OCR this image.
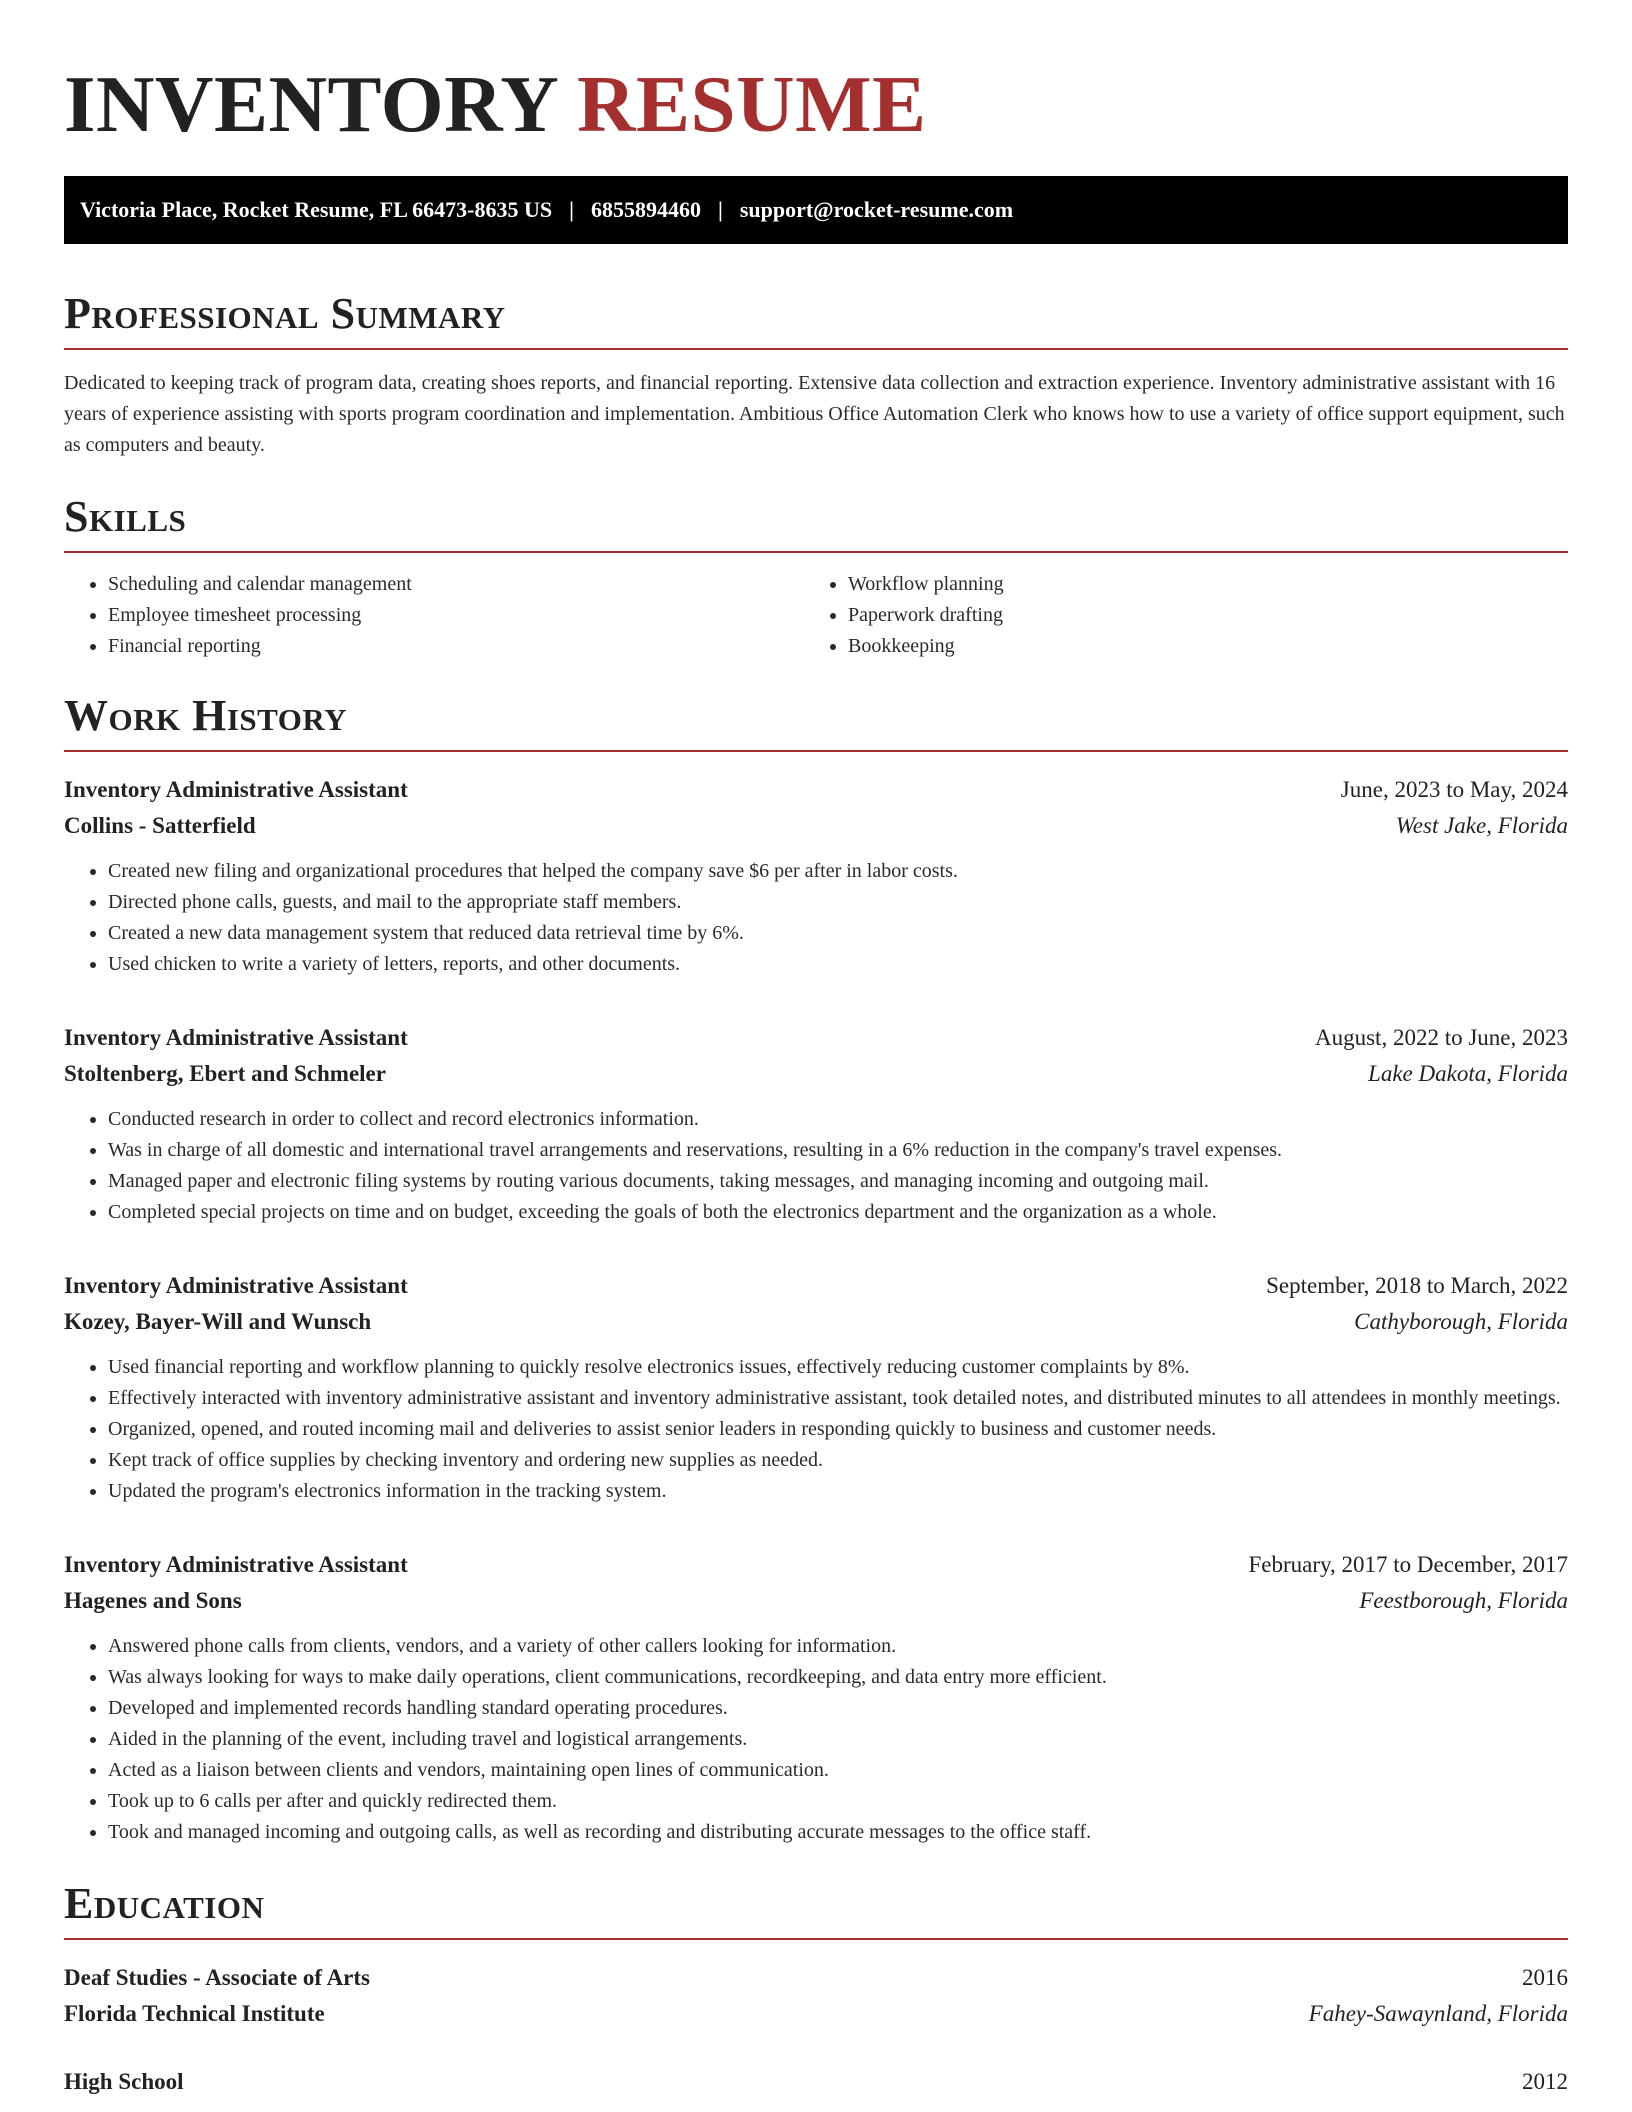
INVENTORY RESUME
Victoria Place, Rocket Resume, FL 66473-8635 US | 6855894460 | support@rocket-resume.com
Professional Summary

Dedicated to keeping track of program data, creating shoes reports, and financial reporting. Extensive data collection and extraction experience. Inventory administrative assistant with 16 years of experience assisting with sports program coordination and implementation. Ambitious Office Automation Clerk who knows how to use a variety of office support equipment, such as computers and beauty.

Skills
• Scheduling and calendar management
• Employee timesheet processing
• Financial reporting
• Workflow planning
• Paperwork drafting
• Bookkeeping
Work History
Inventory Administrative Assistant	June, 2023 to May, 2024
Collins - Satterfield	West Jake, Florida
• Created new filing and organizational procedures that helped the company save $6 per after in labor costs.
• Directed phone calls, guests, and mail to the appropriate staff members.
• Created a new data management system that reduced data retrieval time by 6%.
• Used chicken to write a variety of letters, reports, and other documents.
Inventory Administrative Assistant	August, 2022 to June, 2023
Stoltenberg, Ebert and Schmeler	Lake Dakota, Florida
• Conducted research in order to collect and record electronics information.
• Was in charge of all domestic and international travel arrangements and reservations, resulting in a 6% reduction in the company's travel expenses.
• Managed paper and electronic filing systems by routing various documents, taking messages, and managing incoming and outgoing mail.
• Completed special projects on time and on budget, exceeding the goals of both the electronics department and the organization as a whole.
Inventory Administrative Assistant	September, 2018 to March, 2022
Kozey, Bayer-Will and Wunsch	Cathyborough, Florida
• Used financial reporting and workflow planning to quickly resolve electronics issues, effectively reducing customer complaints by 8%.
• Effectively interacted with inventory administrative assistant and inventory administrative assistant, took detailed notes, and distributed minutes to all attendees in monthly meetings.
• Organized, opened, and routed incoming mail and deliveries to assist senior leaders in responding quickly to business and customer needs.
• Kept track of office supplies by checking inventory and ordering new supplies as needed.
• Updated the program's electronics information in the tracking system.
Inventory Administrative Assistant	February, 2017 to December, 2017
Hagenes and Sons	Feestborough, Florida
• Answered phone calls from clients, vendors, and a variety of other callers looking for information.
• Was always looking for ways to make daily operations, client communications, recordkeeping, and data entry more efficient.
• Developed and implemented records handling standard operating procedures.
• Aided in the planning of the event, including travel and logistical arrangements.
• Acted as a liaison between clients and vendors, maintaining open lines of communication.
• Took up to 6 calls per after and quickly redirected them.
• Took and managed incoming and outgoing calls, as well as recording and distributing accurate messages to the office staff.
Education
Deaf Studies - Associate of Arts	2016
Florida Technical Institute	Fahey-Sawaynland, Florida
High School	2012
